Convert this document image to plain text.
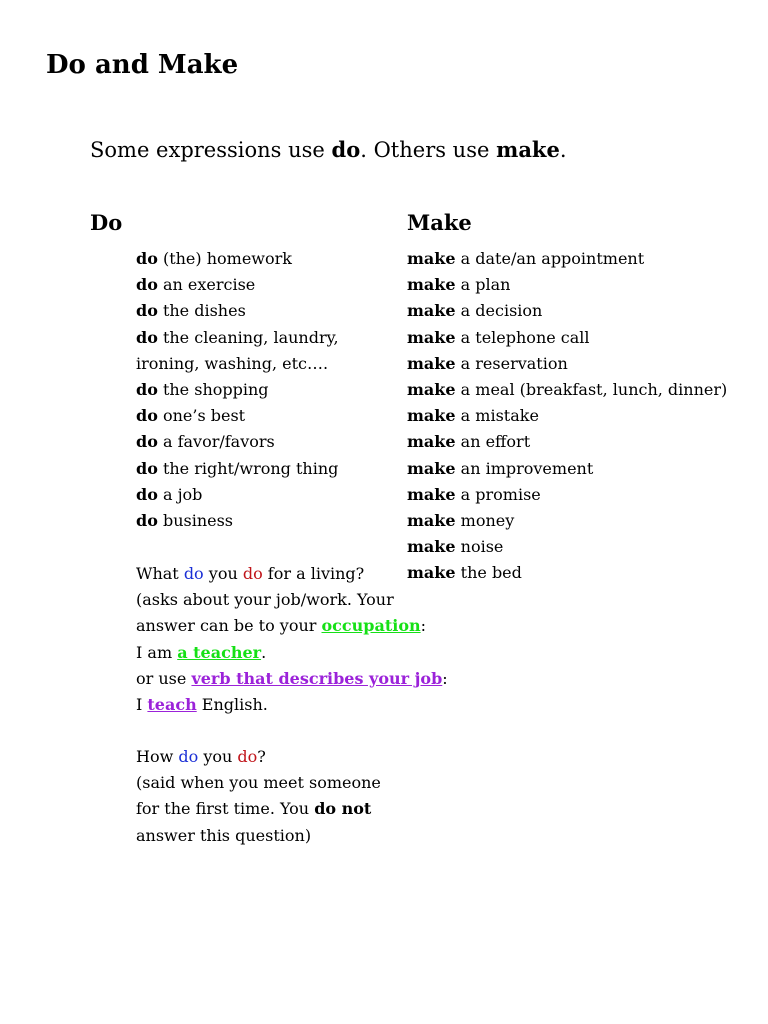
Do and Make

Some expressions use do. Others use make.

Do	Make
do (the) homework
do an exercise
do the dishes
do the cleaning, laundry,
ironing, washing, etc….
do the shopping
do one’s best
do a favor/favors
do the right/wrong thing
do a job
do business
make a date/an appointment
make a plan
make a decision
make a telephone call
make a reservation
make a meal (breakfast, lunch, dinner)
make a mistake
make an effort
make an improvement
make a promise
make money
make noise
make the bed
What do you do for a living?
(asks about your job/work. Your
answer can be to your occupation:
I am a teacher.
or use verb that describes your job:
I teach English.
How do you do?
(said when you meet someone
for the first time. You do not
answer this question)
